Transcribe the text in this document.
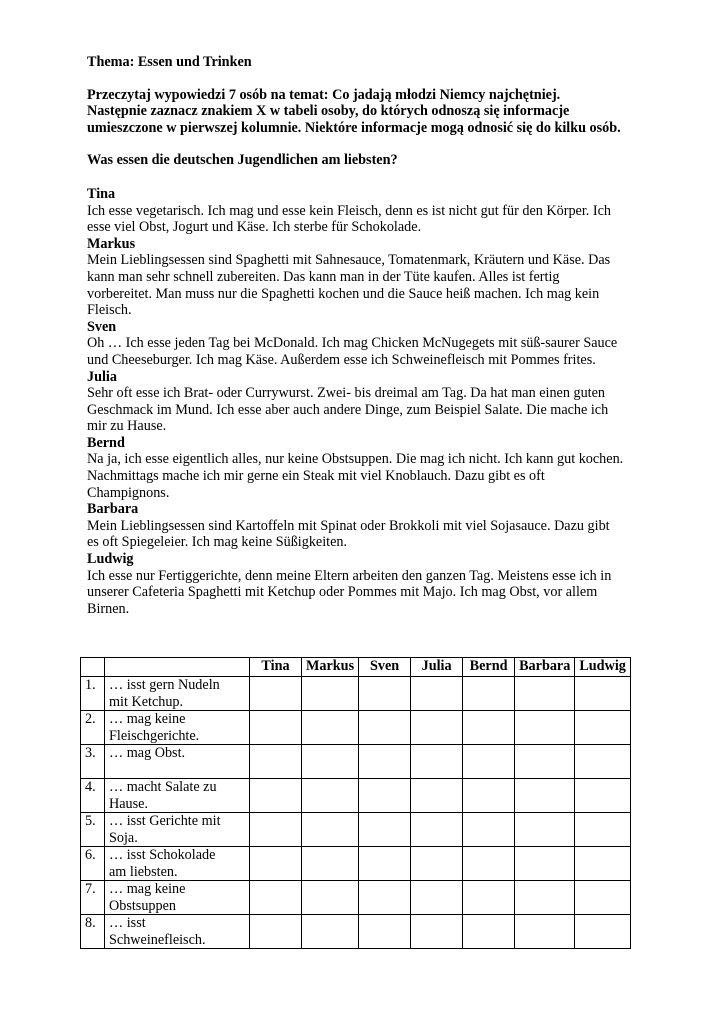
Thema: Essen und Trinken

Przeczytaj wypowiedzi 7 osób na temat: Co jadają młodzi Niemcy najchętniej.

Następnie zaznacz znakiem X w tabeli osoby, do których odnoszą się informacje

umieszczone w pierwszej kolumnie. Niektóre informacje mogą odnosić się do kilku osób.

Was essen die deutschen Jugendlichen am liebsten?

Tina

Ich esse vegetarisch. Ich mag und esse kein Fleisch, denn es ist nicht gut für den Körper. Ich

esse viel Obst, Jogurt und Käse. Ich sterbe für Schokolade.

Markus

Mein Lieblingsessen sind Spaghetti mit Sahnesauce, Tomatenmark, Kräutern und Käse. Das

kann man sehr schnell zubereiten. Das kann man in der Tüte kaufen. Alles ist fertig

vorbereitet. Man muss nur die Spaghetti kochen und die Sauce heiß machen. Ich mag kein

Fleisch.

Sven

Oh … Ich esse jeden Tag bei McDonald. Ich mag Chicken McNugegets mit süß-saurer Sauce

und Cheeseburger. Ich mag Käse. Außerdem esse ich Schweinefleisch mit Pommes frites.

Julia

Sehr oft esse ich Brat- oder Currywurst. Zwei- bis dreimal am Tag. Da hat man einen guten

Geschmack im Mund. Ich esse aber auch andere Dinge, zum Beispiel Salate. Die mache ich

mir zu Hause.

Bernd

Na ja, ich esse eigentlich alles, nur keine Obstsuppen. Die mag ich nicht. Ich kann gut kochen.

Nachmittags mache ich mir gerne ein Steak mit viel Knoblauch. Dazu gibt es oft

Champignons.

Barbara

Mein Lieblingsessen sind Kartoffeln mit Spinat oder Brokkoli mit viel Sojasauce. Dazu gibt

es oft Spiegeleier. Ich mag keine Süßigkeiten.

Ludwig

Ich esse nur Fertiggerichte, denn meine Eltern arbeiten den ganzen Tag. Meistens esse ich in

unserer Cafeteria Spaghetti mit Ketchup oder Pommes mit Majo. Ich mag Obst, vor allem

Birnen.

		Tina	Markus	Sven	Julia	Bernd	Barbara	Ludwig
1.	… isst gern Nudeln
mit Ketchup.							

2.	… mag keine
Fleischgerichte.							

3.	… mag Obst.							

4.	… macht Salate zu
Hause.							

5.	… isst Gerichte mit
Soja.							

6.	… isst Schokolade
am liebsten.							

7.	… mag keine
Obstsuppen							

8.	… isst
Schweinefleisch.							
